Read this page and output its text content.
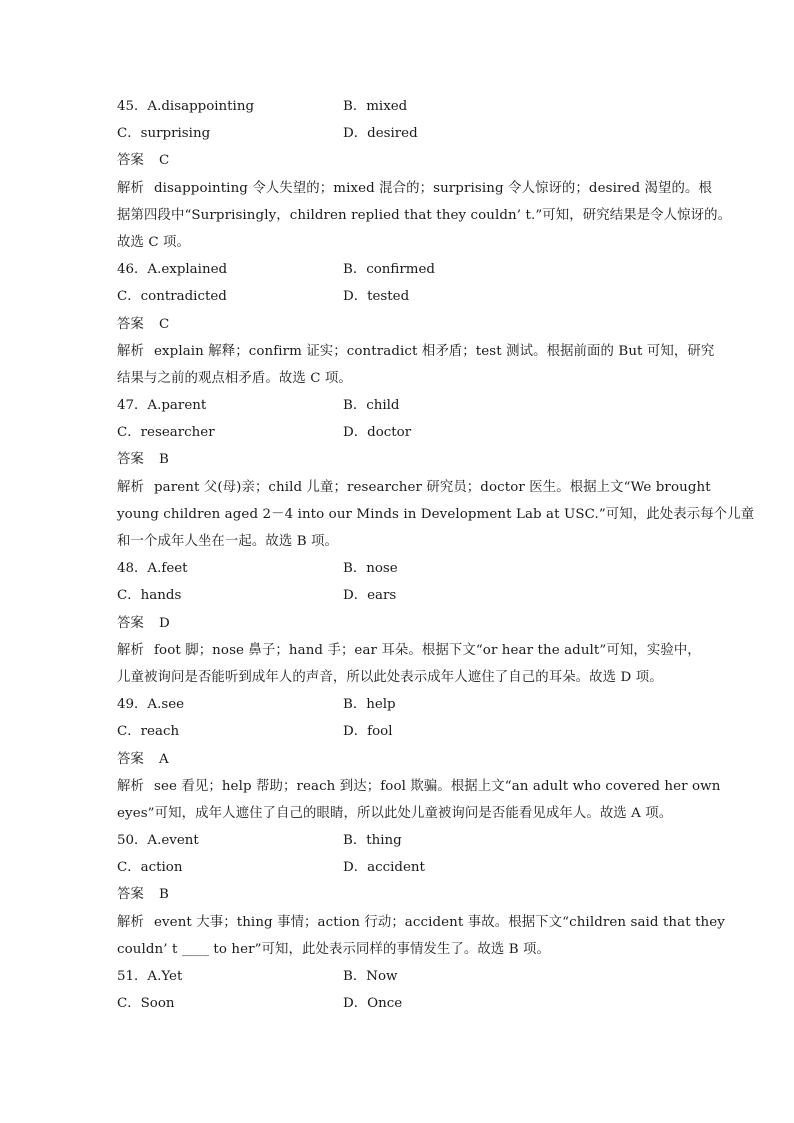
45．A.disappointing	B．mixed
C．surprising	D．desired
答案 C
解析 disappointing 令人失望的；mixed 混合的；surprising 令人惊讶的；desired 渴望的。根
据第四段中“Surprisingly，children replied that they couldn’ t.”可知，研究结果是令人惊讶的。
故选 C 项。
46．A.explained	B．confirmed
C．contradicted	D．tested
答案 C
解析 explain 解释；confirm 证实；contradict 相矛盾；test 测试。根据前面的 But 可知，研究
结果与之前的观点相矛盾。故选 C 项。
47．A.parent	B．child
C．researcher	D．doctor
答案 B
解析 parent 父(母)亲；child 儿童；researcher 研究员；doctor 医生。根据上文“We brought
young children aged 2－4 into our Minds in Development Lab at USC.”可知，此处表示每个儿童
和一个成年人坐在一起。故选 B 项。
48．A.feet	B．nose
C．hands	D．ears
答案 D
解析 foot 脚；nose 鼻子；hand 手；ear 耳朵。根据下文“or hear the adult”可知，实验中，
儿童被询问是否能听到成年人的声音，所以此处表示成年人遮住了自己的耳朵。故选 D 项。
49．A.see	B．help
C．reach	D．fool
答案 A
解析 see 看见；help 帮助；reach 到达；fool 欺骗。根据上文“an adult who covered her own
eyes”可知，成年人遮住了自己的眼睛，所以此处儿童被询问是否能看见成年人。故选 A 项。
50．A.event	B．thing
C．action	D．accident
答案 B
解析 event 大事；thing 事情；action 行动；accident 事故。根据下文“children said that they
couldn’ t ____ to her”可知，此处表示同样的事情发生了。故选 B 项。
51．A.Yet	B．Now
C．Soon	D．Once
